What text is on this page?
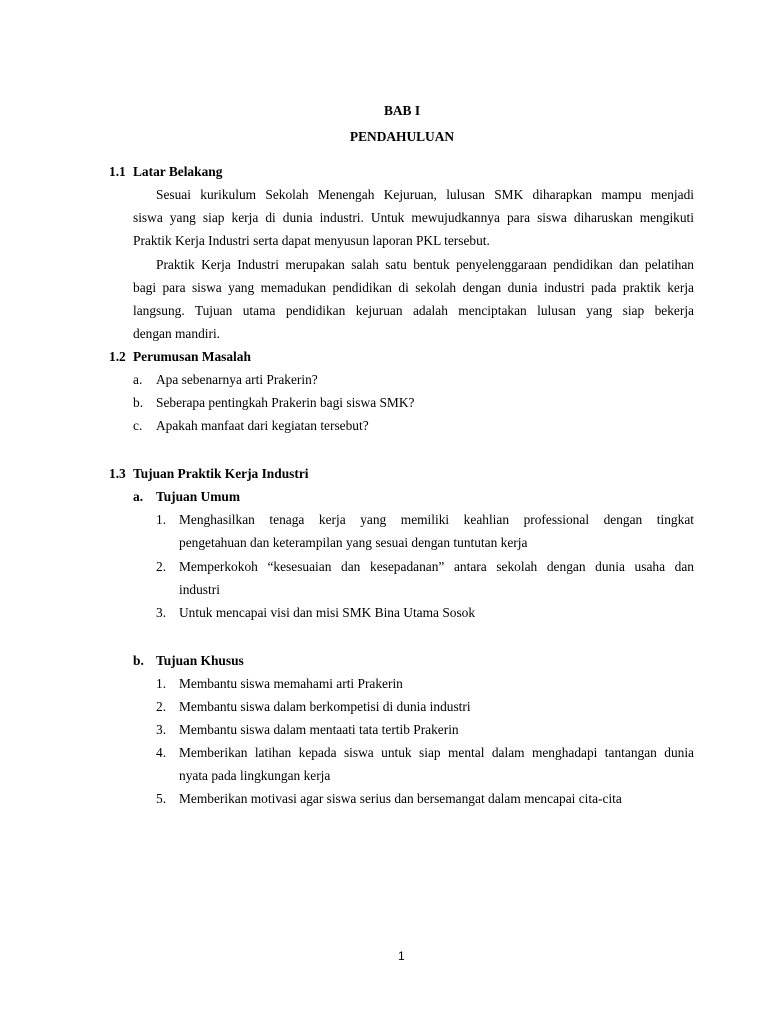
BAB I
PENDAHULUAN
1.1 Latar Belakang
Sesuai kurikulum Sekolah Menengah Kejuruan, lulusan SMK diharapkan mampu menjadi
siswa yang siap kerja di dunia industri. Untuk mewujudkannya para siswa diharuskan mengikuti
Praktik Kerja Industri serta dapat menyusun laporan PKL tersebut.
Praktik Kerja Industri merupakan salah satu bentuk penyelenggaraan pendidikan dan pelatihan
bagi para siswa yang memadukan pendidikan di sekolah dengan dunia industri pada praktik kerja
langsung. Tujuan utama pendidikan kejuruan adalah menciptakan lulusan yang siap bekerja
dengan mandiri.
1.2 Perumusan Masalah
a. Apa sebenarnya arti Prakerin?
b. Seberapa pentingkah Prakerin bagi siswa SMK?
c. Apakah manfaat dari kegiatan tersebut?
1.3 Tujuan Praktik Kerja Industri
a. Tujuan Umum
1. Menghasilkan tenaga kerja yang memiliki keahlian professional dengan tingkat
pengetahuan dan keterampilan yang sesuai dengan tuntutan kerja
2. Memperkokoh “kesesuaian dan kesepadanan” antara sekolah dengan dunia usaha dan
industri
3. Untuk mencapai visi dan misi SMK Bina Utama Sosok
b. Tujuan Khusus
1. Membantu siswa memahami arti Prakerin
2. Membantu siswa dalam berkompetisi di dunia industri
3. Membantu siswa dalam mentaati tata tertib Prakerin
4. Memberikan latihan kepada siswa untuk siap mental dalam menghadapi tantangan dunia
nyata pada lingkungan kerja
5. Memberikan motivasi agar siswa serius dan bersemangat dalam mencapai cita-cita
1
